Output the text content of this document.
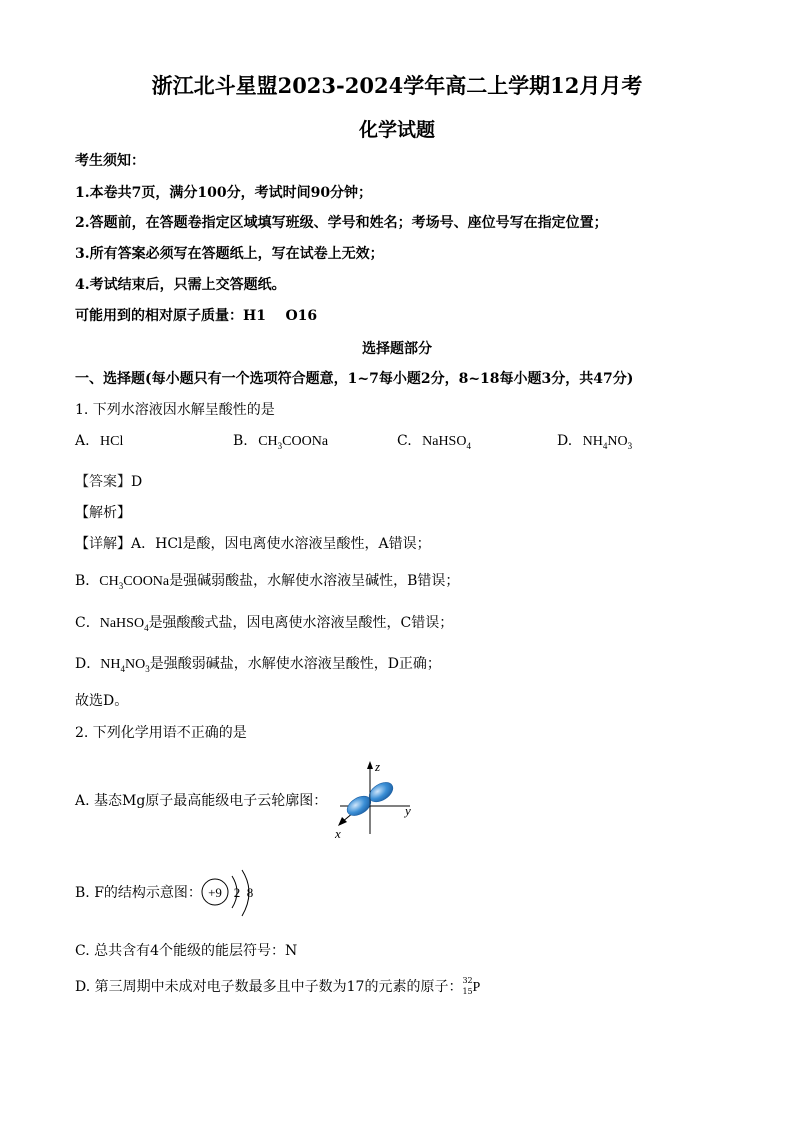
浙江北斗星盟2023-2024学年高二上学期12月月考
化学试题
考生须知：
1.本卷共7页，满分100分，考试时间90分钟；
2.答题前，在答题卷指定区域填写班级、学号和姓名；考场号、座位号写在指定位置；
3.所有答案必须写在答题纸上，写在试卷上无效；
4.考试结束后，只需上交答题纸。
可能用到的相对原子质量：H1    O16
选择题部分
一、选择题(每小题只有一个选项符合题意，1~7每小题2分，8~18每小题3分，共47分)
1. 下列水溶液因水解呈酸性的是
A. HCl	B. $CH_3COONa$	C. NaHSO$_4$	D. $NH_4NO_3$
【答案】D
【解析】
【详解】A．HCl是酸，因电离使水溶液呈酸性，A错误；
B．$CH_3COONa$是强碱弱酸盐，水解使水溶液呈碱性，B错误；
C．NaHSO$_4$是强酸酸式盐，因电离使水溶液呈酸性，C错误；
D．$NH_4NO_3$是强酸弱碱盐，水解使水溶液呈酸性，D正确；
故选D。
2. 下列化学用语不正确的是
A. 基态Mg原子最高能级电子云轮廓图：
z
y
x
B. F的结构示意图： +9 2 8
C. 总共含有4个能级的能层符号：N
D. 第三周期中未成对电子数最多且中子数为17的元素的原子： 32
15 P
